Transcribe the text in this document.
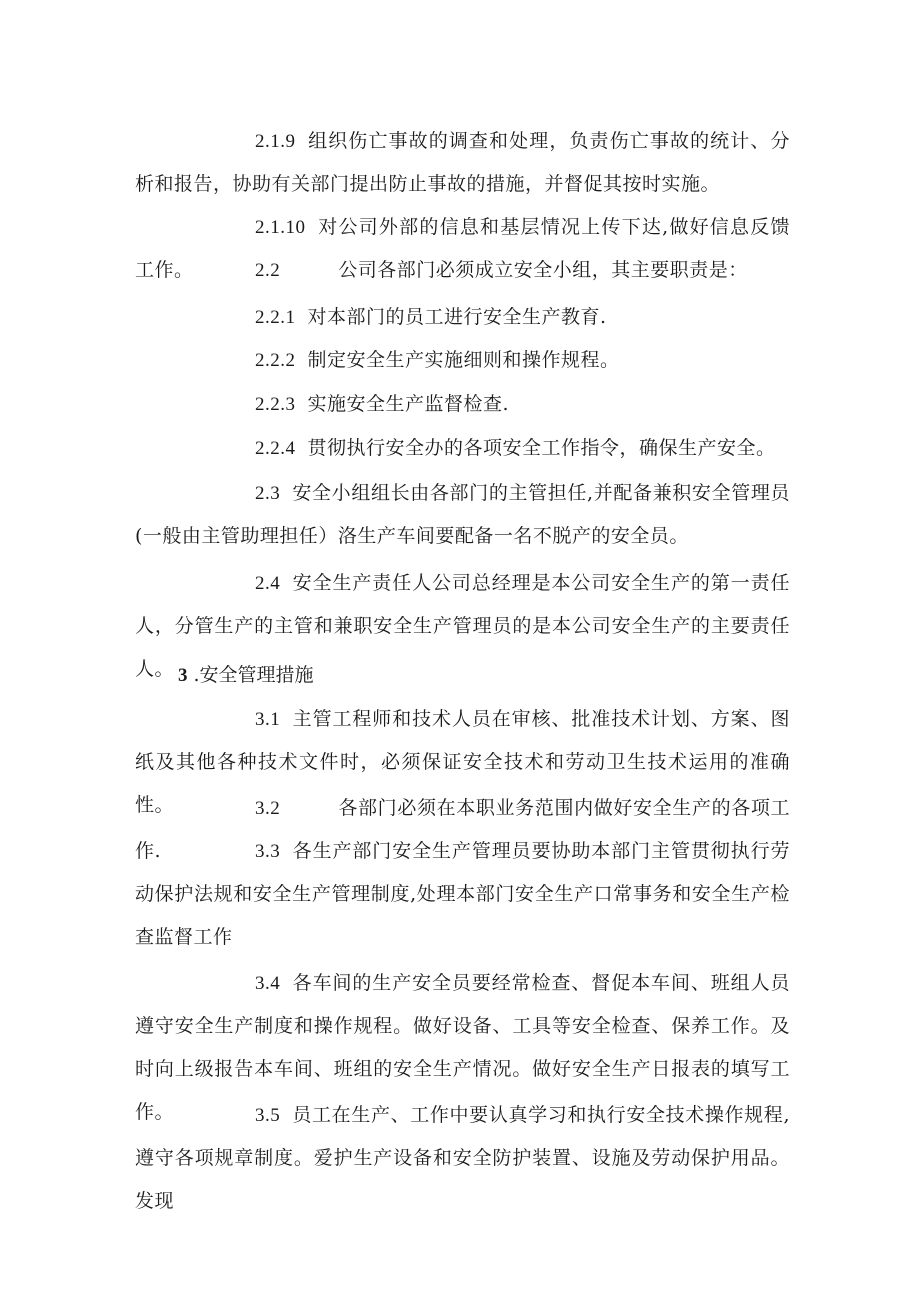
2.1.9 组织伤亡事故的调查和处理，负责伤亡事故的统计、分析和报告，协助有关部门提出防止事故的措施，并督促其按时实施。

2.1.10 对公司外部的信息和基层情况上传下达,做好信息反馈工作。	2.2	公司各部门必须成立安全小组，其主要职责是：

2.2.1 对本部门的员工进行安全生产教育.

2.2.2 制定安全生产实施细则和操作规程。

2.2.3 实施安全生产监督检查.

2.2.4 贯彻执行安全办的各项安全工作指令，确保生产安全。

2.3 安全小组组长由各部门的主管担任,并配备兼积安全管理员(一般由主管助理担任）洛生产车间要配备一名不脱产的安全员。

2.4 安全生产责任人公司总经理是本公司安全生产的第一责任人，分管生产的主管和兼职安全生产管理员的是本公司安全生产的主要责任人。 3 .安全管理措施

3.1 主管工程师和技术人员在审核、批准技术计划、方案、图纸及其他各种技术文件时，必须保证安全技术和劳动卫生技术运用的准确性。	3.2	各部门必须在本职业务范围内做好安全生产的各项工作.	3.3 各生产部门安全生产管理员要协助本部门主管贯彻执行劳动保护法规和安全生产管理制度,处理本部门安全生产口常事务和安全生产检查监督工作

3.4 各车间的生产安全员要经常检查、督促本车间、班组人员遵守安全生产制度和操作规程。做好设备、工具等安全检查、保养工作。及时向上级报告本车间、班组的安全生产情况。做好安全生产日报表的填写工作。	3.5 员工在生产、工作中要认真学习和执行安全技术操作规程,遵守各项规章制度。爱护生产设备和安全防护装置、设施及劳动保护用品。发现
